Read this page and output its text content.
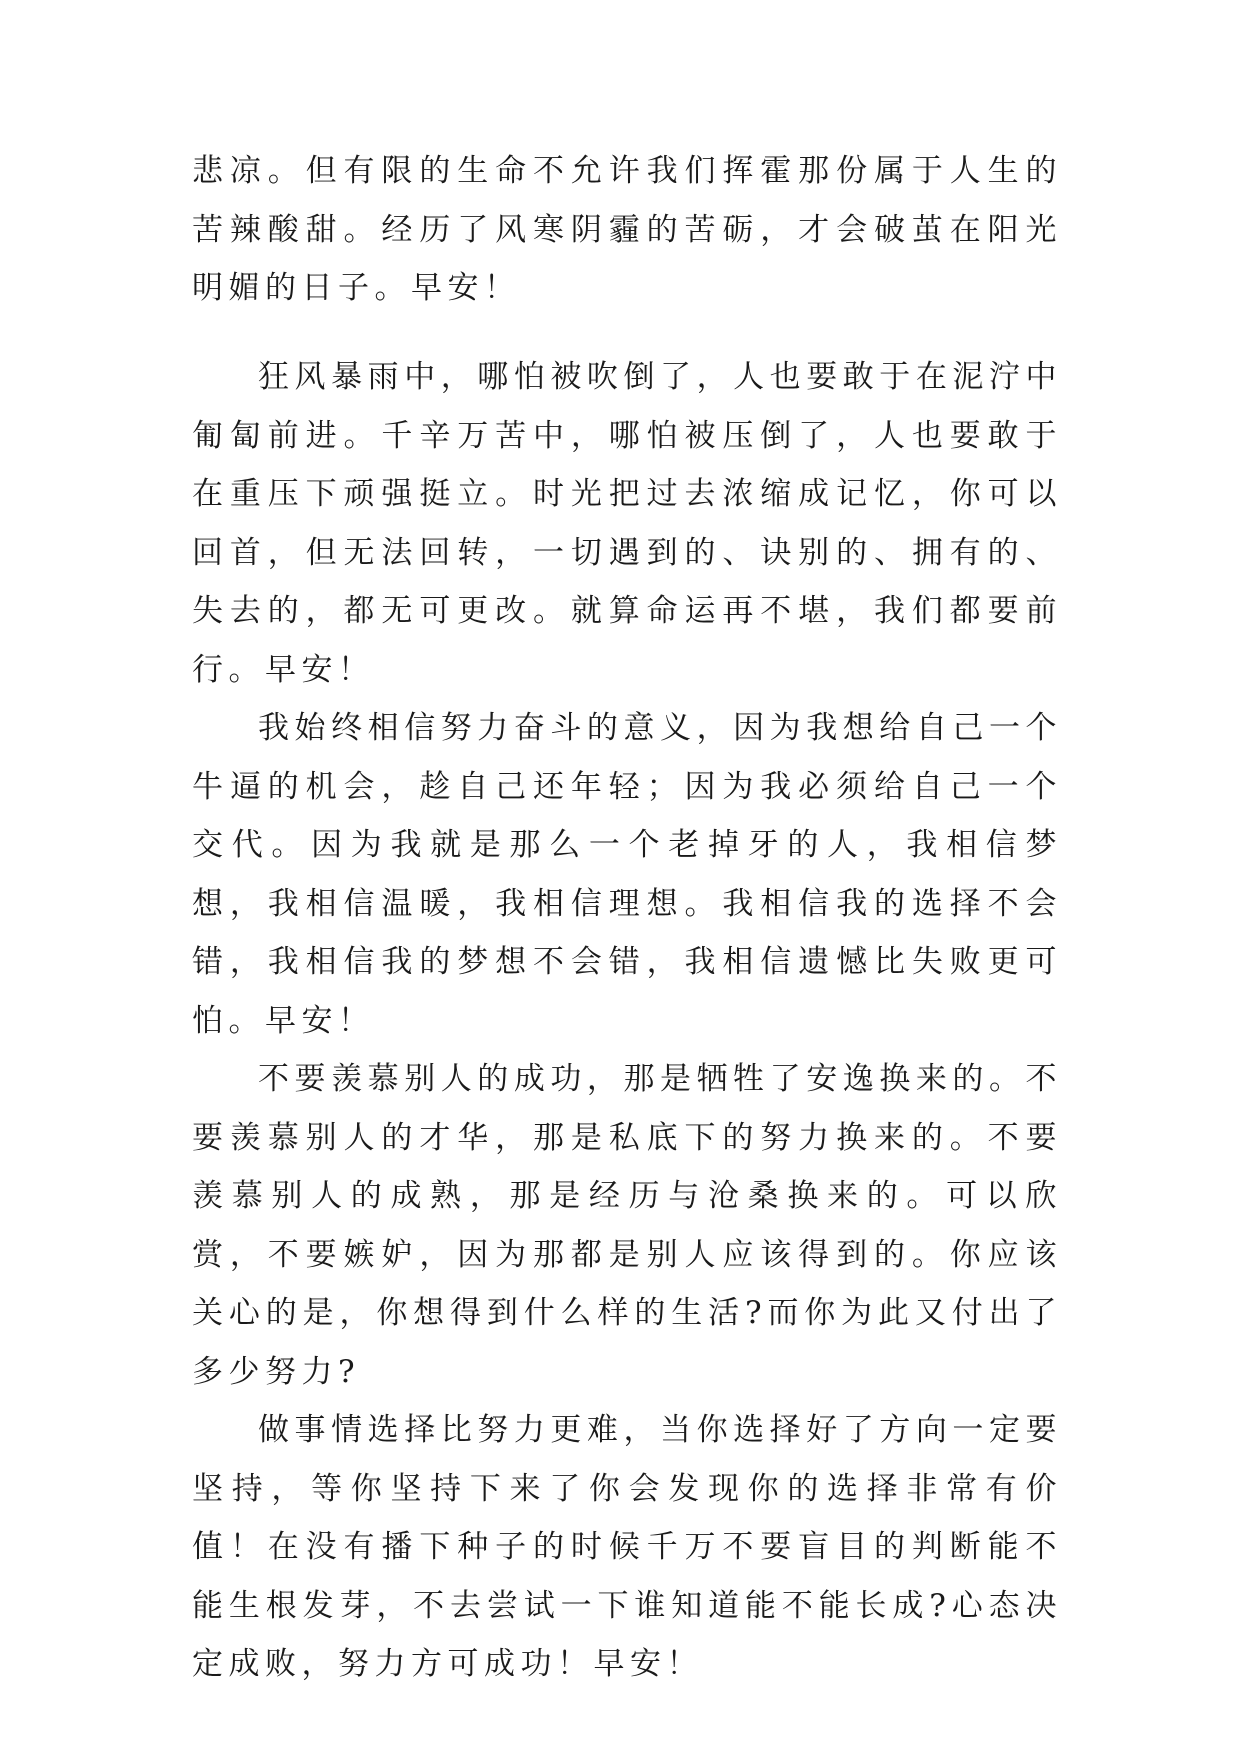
悲凉。但有限的生命不允许我们挥霍那份属于人生的苦辣酸甜。经历了风寒阴霾的苦砺，才会破茧在阳光明媚的日子。早安！

狂风暴雨中，哪怕被吹倒了，人也要敢于在泥泞中匍匐前进。千辛万苦中，哪怕被压倒了，人也要敢于在重压下顽强挺立。时光把过去浓缩成记忆，你可以回首，但无法回转，一切遇到的、诀别的、拥有的、失去的，都无可更改。就算命运再不堪，我们都要前行。早安！

我始终相信努力奋斗的意义，因为我想给自己一个牛逼的机会，趁自己还年轻；因为我必须给自己一个交代。因为我就是那么一个老掉牙的人，我相信梦想，我相信温暖，我相信理想。我相信我的选择不会错，我相信我的梦想不会错，我相信遗憾比失败更可怕。早安！

不要羡慕别人的成功，那是牺牲了安逸换来的。不要羡慕别人的才华，那是私底下的努力换来的。不要羡慕别人的成熟，那是经历与沧桑换来的。可以欣赏，不要嫉妒，因为那都是别人应该得到的。你应该关心的是，你想得到什么样的生活?而你为此又付出了多少努力?

做事情选择比努力更难，当你选择好了方向一定要坚持，等你坚持下来了你会发现你的选择非常有价值！在没有播下种子的时候千万不要盲目的判断能不能生根发芽，不去尝试一下谁知道能不能长成?心态决定成败，努力方可成功！早安！
